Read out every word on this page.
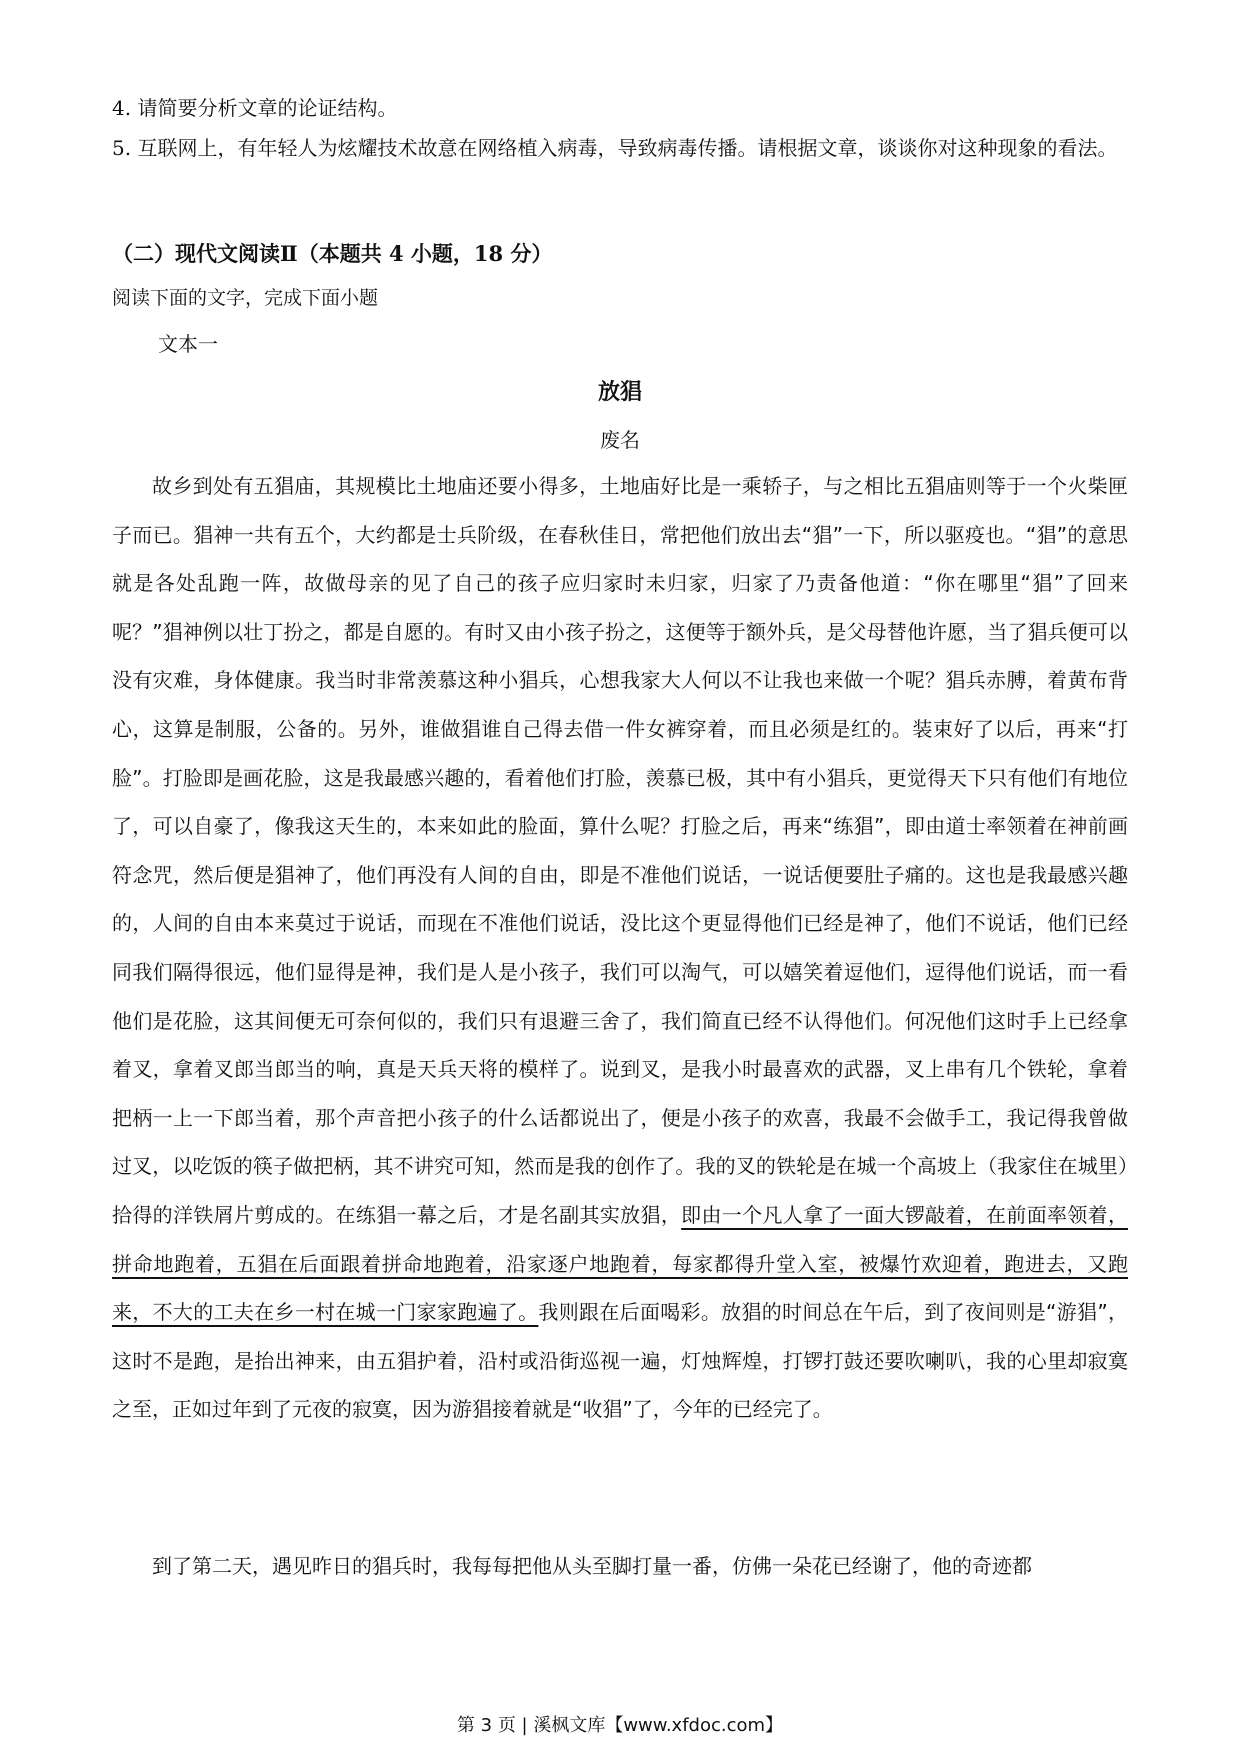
4. 请简要分析文章的论证结构。

5. 互联网上，有年轻人为炫耀技术故意在网络植入病毒，导致病毒传播。请根据文章，谈谈你对这种现象的看法。

（二）现代文阅读Ⅱ（本题共 4 小题，18 分）

阅读下面的文字，完成下面小题

文本一

放猖

废名

故乡到处有五猖庙，其规模比土地庙还要小得多，土地庙好比是一乘轿子，与之相比五猖庙则等于一个火柴匣子而已。猖神一共有五个，大约都是士兵阶级，在春秋佳日，常把他们放出去“猖”一下，所以驱疫也。“猖”的意思就是各处乱跑一阵，故做母亲的见了自己的孩子应归家时未归家，归家了乃责备他道：“你在哪里“猖”了回来呢？”猖神例以壮丁扮之，都是自愿的。有时又由小孩子扮之，这便等于额外兵，是父母替他许愿，当了猖兵便可以没有灾难，身体健康。我当时非常羡慕这种小猖兵，心想我家大人何以不让我也来做一个呢？猖兵赤膊，着黄布背心，这算是制服，公备的。另外，谁做猖谁自己得去借一件女裤穿着，而且必须是红的。装束好了以后，再来“打脸”。打脸即是画花脸，这是我最感兴趣的，看着他们打脸，羡慕已极，其中有小猖兵，更觉得天下只有他们有地位了，可以自豪了，像我这天生的，本来如此的脸面，算什么呢？打脸之后，再来“练猖”，即由道士率领着在神前画符念咒，然后便是猖神了，他们再没有人间的自由，即是不准他们说话，一说话便要肚子痛的。这也是我最感兴趣的，人间的自由本来莫过于说话，而现在不准他们说话，没比这个更显得他们已经是神了，他们不说话，他们已经同我们隔得很远，他们显得是神，我们是人是小孩子，我们可以淘气，可以嬉笑着逗他们，逗得他们说话，而一看他们是花脸，这其间便无可奈何似的，我们只有退避三舍了，我们简直已经不认得他们。何况他们这时手上已经拿着叉，拿着叉郎当郎当的响，真是天兵天将的模样了。说到叉，是我小时最喜欢的武器，叉上串有几个铁轮，拿着把柄一上一下郎当着，那个声音把小孩子的什么话都说出了，便是小孩子的欢喜，我最不会做手工，我记得我曾做过叉，以吃饭的筷子做把柄，其不讲究可知，然而是我的创作了。我的叉的铁轮是在城一个高坡上（我家住在城里）拾得的洋铁屑片剪成的。在练猖一幕之后，才是名副其实放猖，即由一个凡人拿了一面大锣敲着，在前面率领着，拼命地跑着，五猖在后面跟着拼命地跑着，沿家逐户地跑着，每家都得升堂入室，被爆竹欢迎着，跑进去，又跑来，不大的工夫在乡一村在城一门家家跑遍了。我则跟在后面喝彩。放猖的时间总在午后，到了夜间则是“游猖”，这时不是跑，是抬出神来，由五猖护着，沿村或沿街巡视一遍，灯烛辉煌，打锣打鼓还要吹喇叭，我的心里却寂寞之至，正如过年到了元夜的寂寞，因为游猖接着就是“收猖”了，今年的已经完了。

到了第二天，遇见昨日的猖兵时，我每每把他从头至脚打量一番，仿佛一朵花已经谢了，他的奇迹都

第 3 页 | 溪枫文库【www.xfdoc.com】
